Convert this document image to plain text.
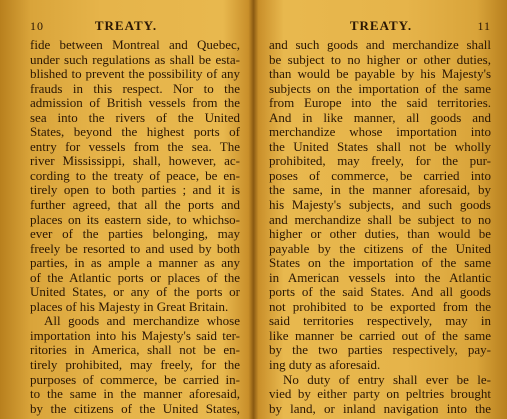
10	TREATY.
fide between Montreal and Quebec,
under such regulations as shall be esta-
blished to prevent the possibility of any
frauds in this respect. Nor to the
admission of British vessels from the
sea into the rivers of the United
States, beyond the highest ports of
entry for vessels from the sea. The
river Mississippi, shall, however, ac-
cording to the treaty of peace, be en-
tirely open to both parties ; and it is
further agreed, that all the ports and
places on its eastern side, to whichso-
ever of the parties belonging, may
freely be resorted to and used by both
parties, in as ample a manner as any
of the Atlantic ports or places of the
United States, or any of the ports or
places of his Majesty in Great Britain.
All goods and merchandize whose
importation into his Majesty's said ter-
ritories in America, shall not be en-
tirely prohibited, may freely, for the
purposes of commerce, be carried in-
to the same in the manner aforesaid,
by the citizens of the United States,
TREATY.	11
and such goods and merchandize shall
be subject to no higher or other duties,
than would be payable by his Majesty's
subjects on the importation of the same
from Europe into the said territories.
And in like manner, all goods and
merchandize whose importation into
the United States shall not be wholly
prohibited, may freely, for the pur-
poses of commerce, be carried into
the same, in the manner aforesaid, by
his Majesty's subjects, and such goods
and merchandize shall be subject to no
higher or other duties, than would be
payable by the citizens of the United
States on the importation of the same
in American vessels into the Atlantic
ports of the said States. And all goods
not prohibited to be exported from the
said territories respectively, may in
like manner be carried out of the same
by the two parties respectively, pay-
ing duty as aforesaid.
No duty of entry shall ever be le-
vied by either party on peltries brought
by land, or inland navigation into the
